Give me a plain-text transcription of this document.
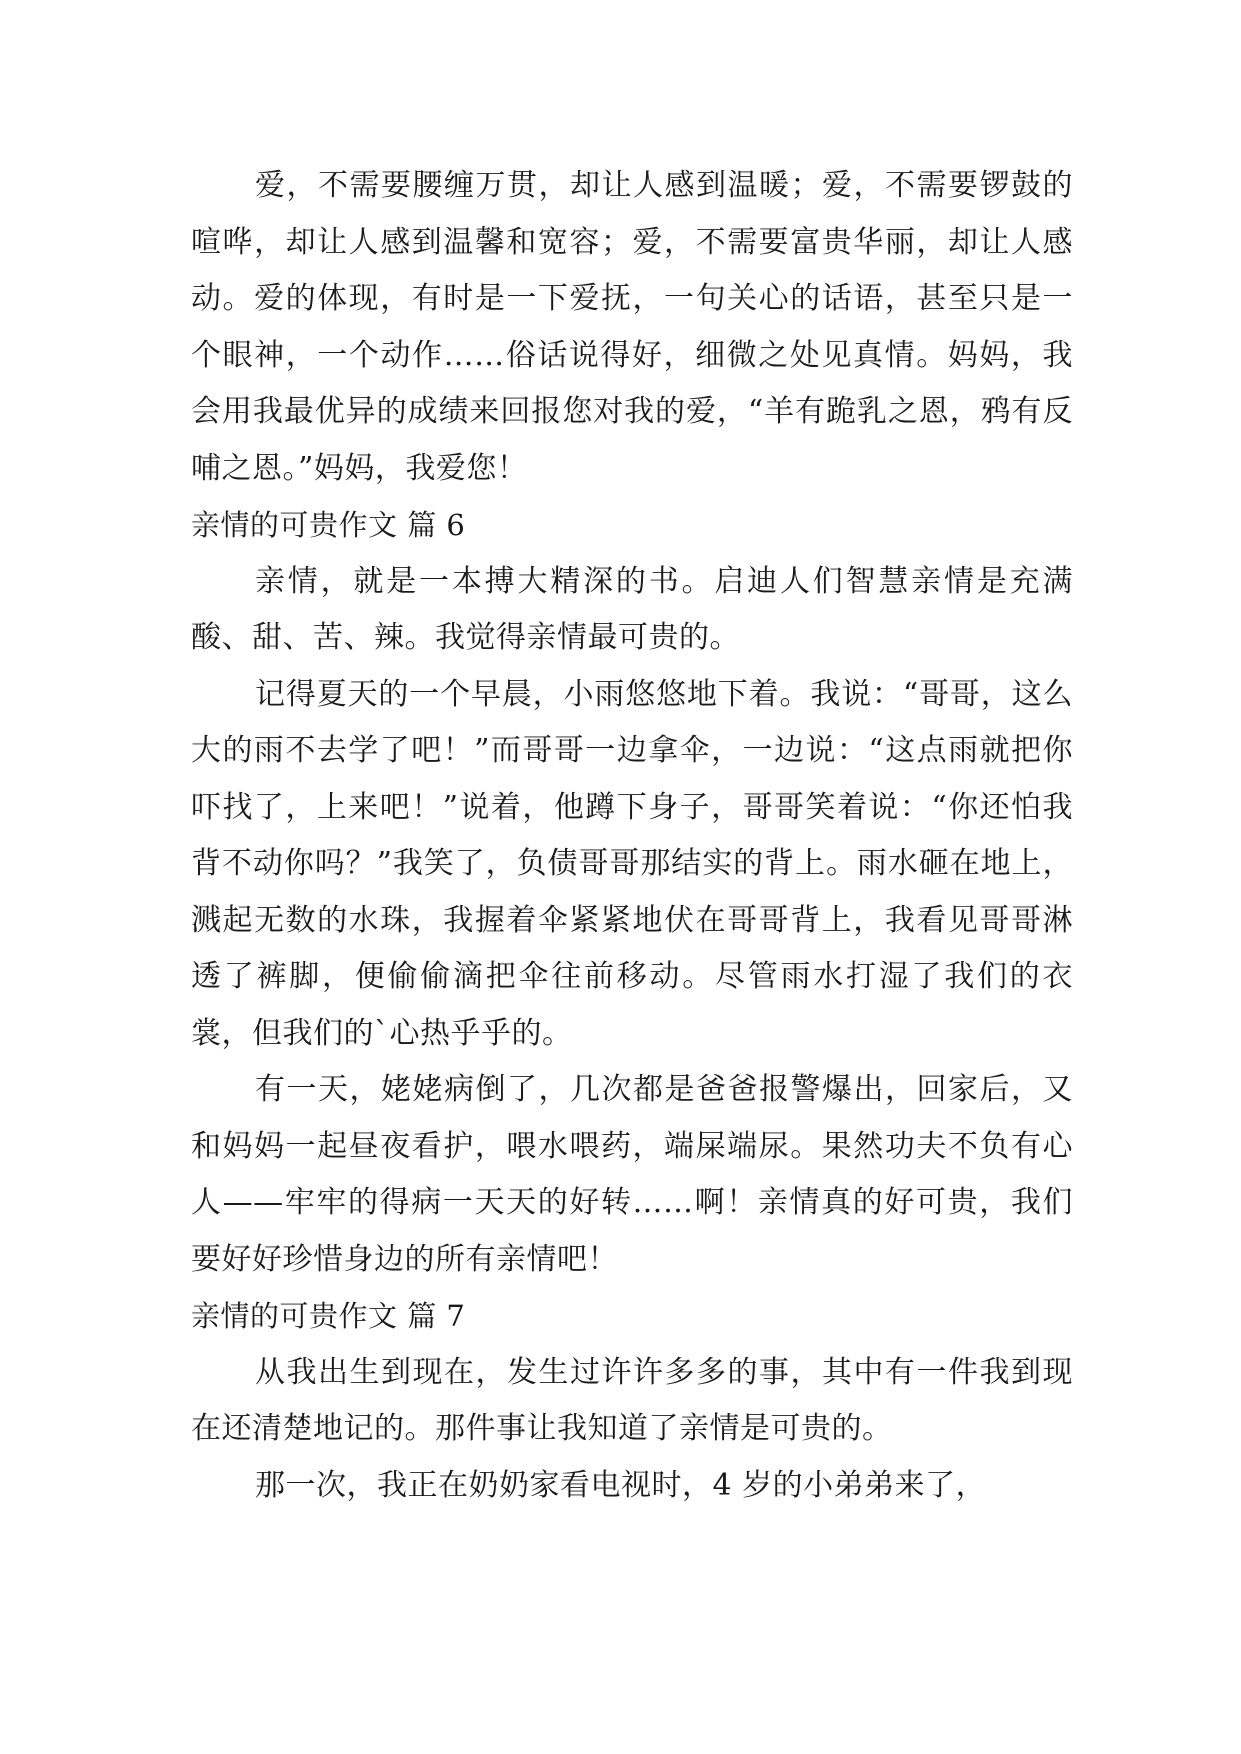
爱，不需要腰缠万贯，却让人感到温暖；爱，不需要锣鼓的喧哗，却让人感到温馨和宽容；爱，不需要富贵华丽，却让人感动。爱的体现，有时是一下爱抚，一句关心的话语，甚至只是一个眼神，一个动作……俗话说得好，细微之处见真情。妈妈，我会用我最优异的成绩来回报您对我的爱，“羊有跪乳之恩，鸦有反哺之恩。”妈妈，我爱您！

亲情的可贵作文 篇 6

亲情，就是一本搏大精深的书。启迪人们智慧亲情是充满酸、甜、苦、辣。我觉得亲情最可贵的。

记得夏天的一个早晨，小雨悠悠地下着。我说：“哥哥，这么大的雨不去学了吧！”而哥哥一边拿伞，一边说：“这点雨就把你吓找了，上来吧！”说着，他蹲下身子，哥哥笑着说：“你还怕我背不动你吗？”我笑了，负债哥哥那结实的背上。雨水砸在地上，溅起无数的水珠，我握着伞紧紧地伏在哥哥背上，我看见哥哥淋透了裤脚，便偷偷滴把伞往前移动。尽管雨水打湿了我们的衣裳，但我们的`心热乎乎的。

有一天，姥姥病倒了，几次都是爸爸报警爆出，回家后，又和妈妈一起昼夜看护，喂水喂药，端屎端尿。果然功夫不负有心人——牢牢的得病一天天的好转……啊！亲情真的好可贵，我们要好好珍惜身边的所有亲情吧！

亲情的可贵作文 篇 7

从我出生到现在，发生过许许多多的事，其中有一件我到现在还清楚地记的。那件事让我知道了亲情是可贵的。

那一次，我正在奶奶家看电视时，4 岁的小弟弟来了，
